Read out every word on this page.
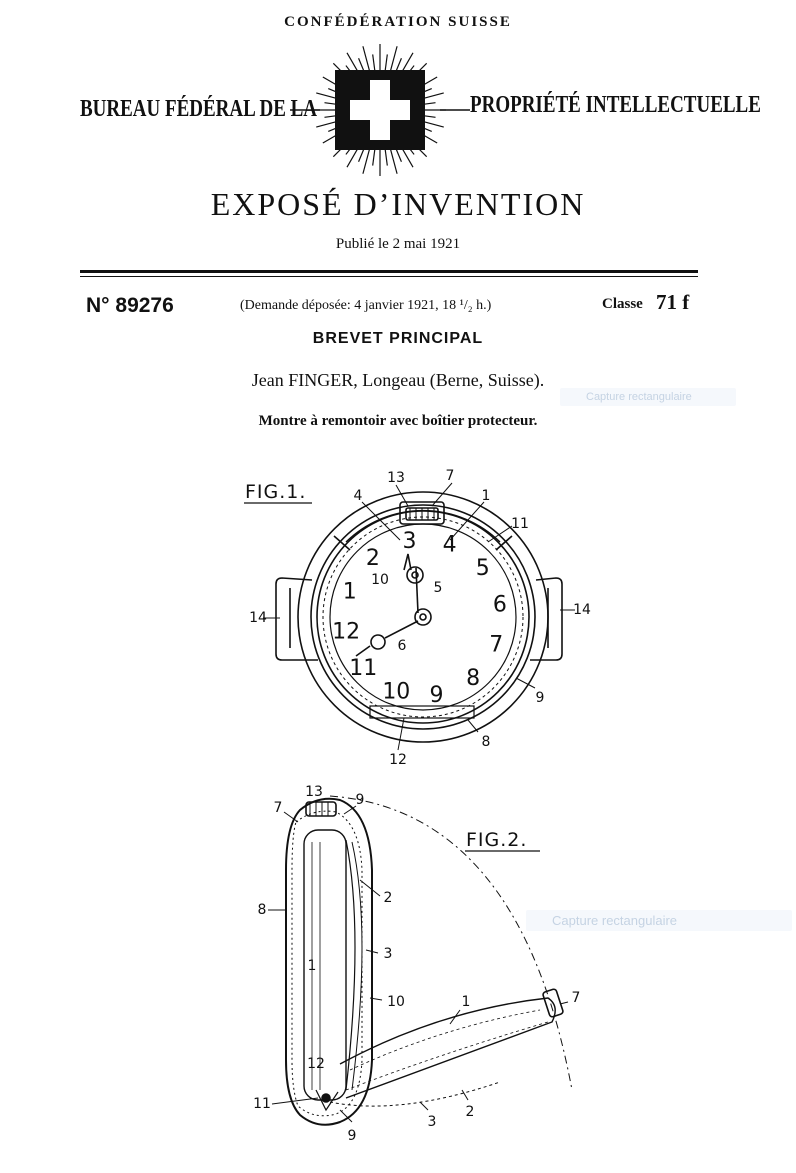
CONFÉDÉRATION SUISSE
BUREAU FÉDÉRAL DE LA	PROPRIÉTÉ INTELLECTUELLE
EXPOSÉ D’INVENTION
Publié le 2 mai 1921
N° 89276	(Demande déposée: 4 janvier 1921, 18 ¹/₂ h.)	Classe 71 f
BREVET PRINCIPAL
Jean FINGER, Longeau (Berne, Suisse).
Montre à remontoir avec boîtier protecteur.
Capture rectangulaire
FIG.1.
12
1
2
3 4
5
6
7
8
9
10
11
13	7
4	1
11
10	5
14	14
6
9
8
12
FIG.2.
13 9
7
2
8
3
1
10	1	7
12
11	2
3
9
Capture rectangulaire
